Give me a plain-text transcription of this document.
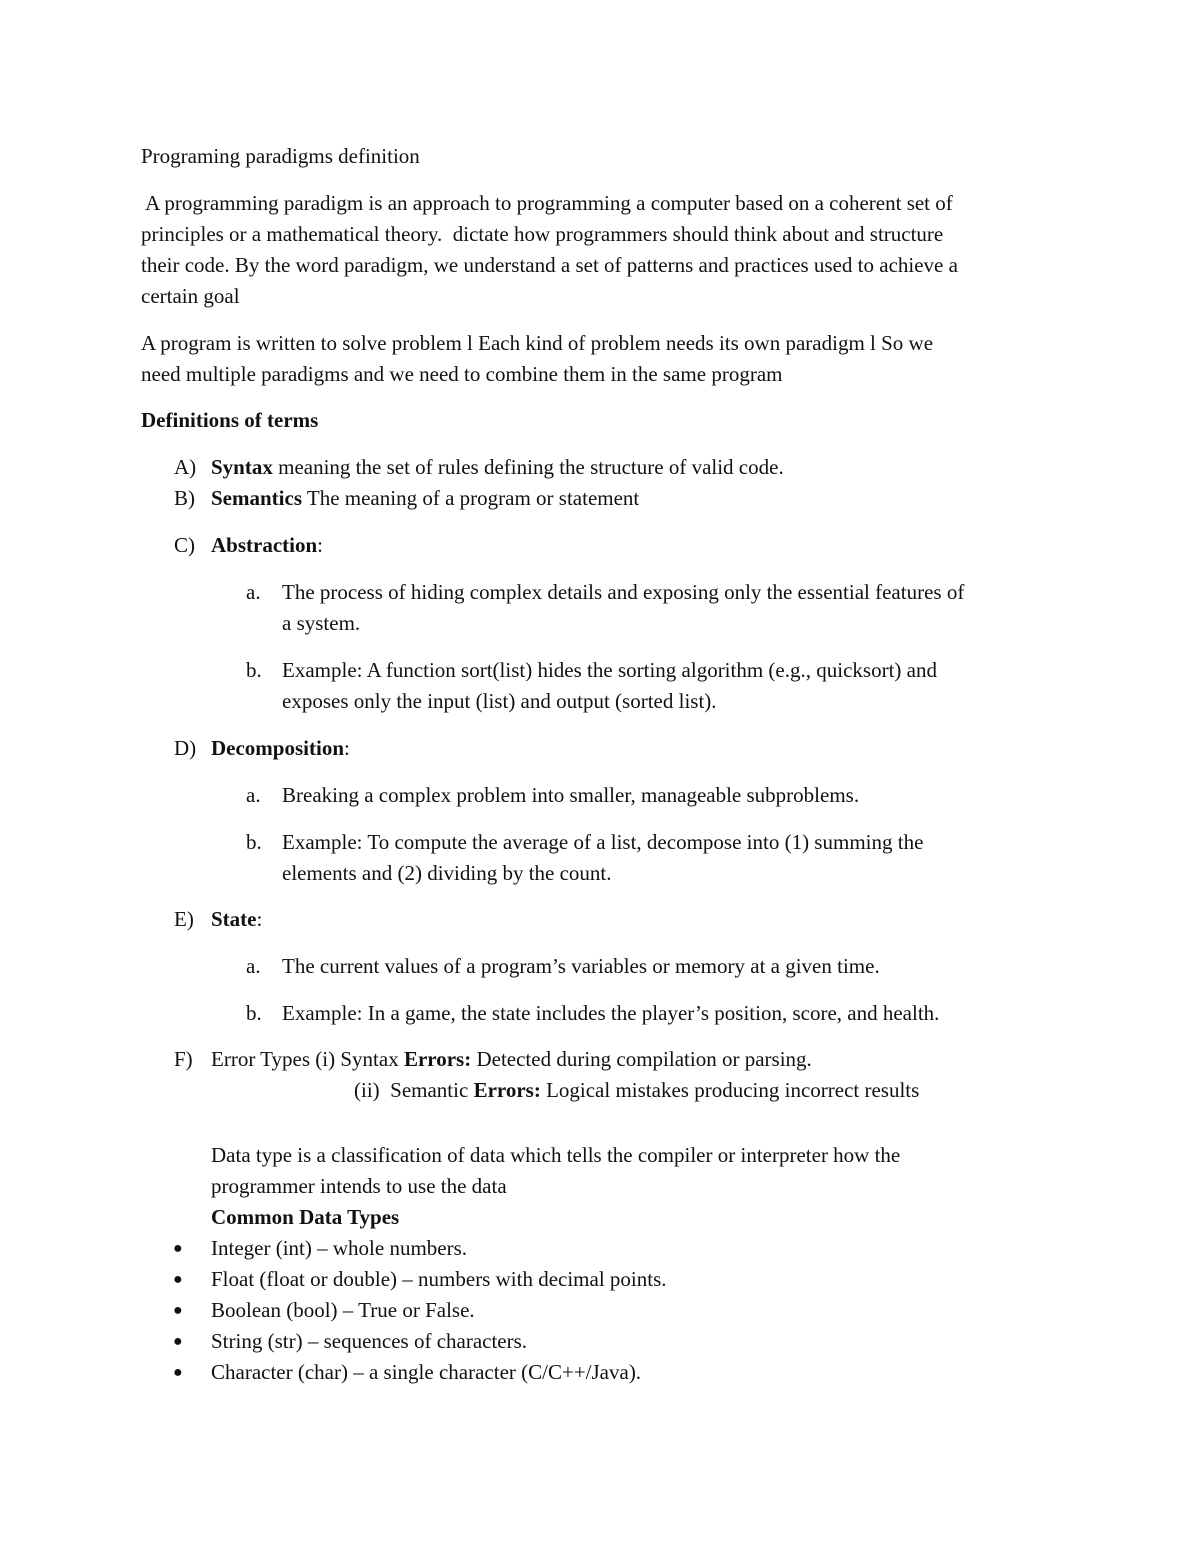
Programing paradigms definition
A programming paradigm is an approach to programming a computer based on a coherent set of
principles or a mathematical theory.  dictate how programmers should think about and structure
their code. By the word paradigm, we understand a set of patterns and practices used to achieve a
certain goal
A program is written to solve problem l Each kind of problem needs its own paradigm l So we
need multiple paradigms and we need to combine them in the same program
Definitions of terms
A) Syntax meaning the set of rules defining the structure of valid code.
B) Semantics The meaning of a program or statement
C) Abstraction:
a. The process of hiding complex details and exposing only the essential features of
a system.
b. Example: A function sort(list) hides the sorting algorithm (e.g., quicksort) and
exposes only the input (list) and output (sorted list).
D) Decomposition:
a. Breaking a complex problem into smaller, manageable subproblems.
b. Example: To compute the average of a list, decompose into (1) summing the
elements and (2) dividing by the count.
E) State:
a. The current values of a program’s variables or memory at a given time.
b. Example: In a game, the state includes the player’s position, score, and health.
F) Error Types (i) Syntax Errors: Detected during compilation or parsing.
(ii)  Semantic Errors: Logical mistakes producing incorrect results
Data type is a classification of data which tells the compiler or interpreter how the
programmer intends to use the data
Common Data Types
● Integer (int) – whole numbers.
● Float (float or double) – numbers with decimal points.
● Boolean (bool) – True or False.
● String (str) – sequences of characters.
● Character (char) – a single character (C/C++/Java).
